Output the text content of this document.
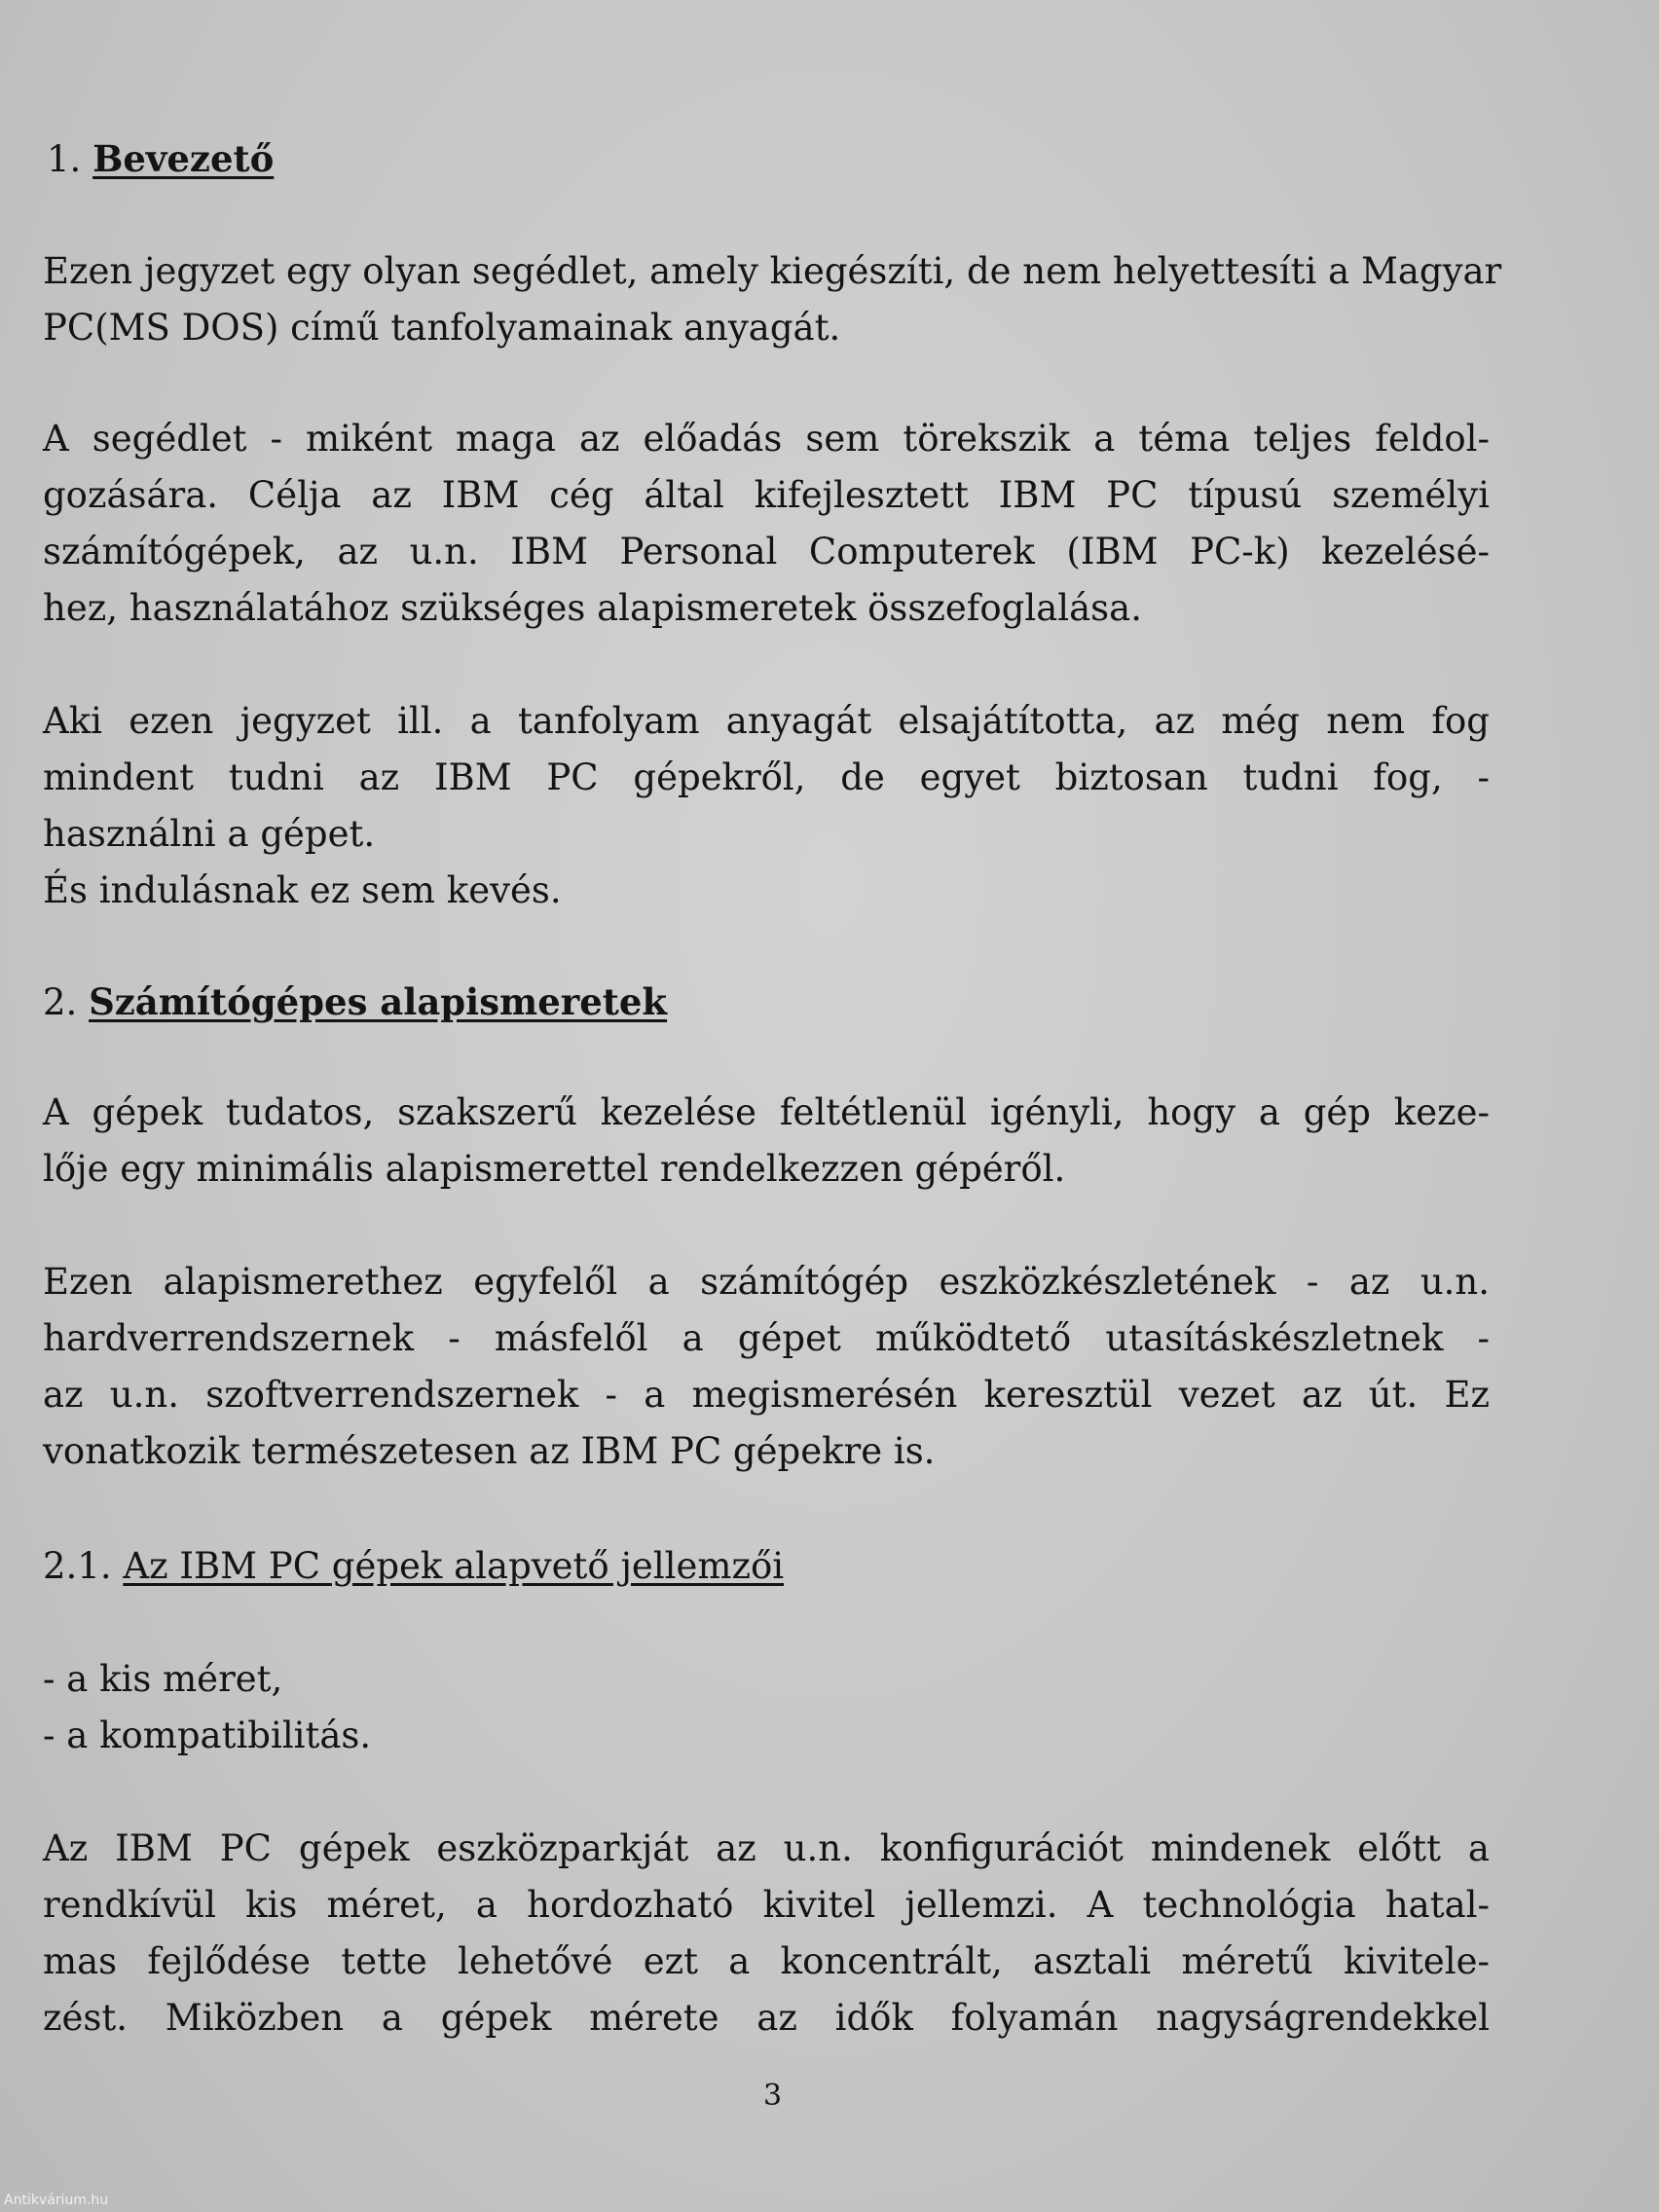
1. Bevezető
Ezen jegyzet egy olyan segédlet, amely kiegészíti, de nem helyettesíti a Magyar
PC(MS DOS) című tanfolyamainak anyagát.
A segédlet - miként maga az előadás sem törekszik a téma teljes feldol-
gozására. Célja az IBM cég által kifejlesztett IBM PC típusú személyi
számítógépek, az u.n. IBM Personal Computerek (IBM PC-k) kezelésé-
hez, használatához szükséges alapismeretek összefoglalása.
Aki ezen jegyzet ill. a tanfolyam anyagát elsajátította, az még nem fog
mindent tudni az IBM PC gépekről, de egyet biztosan tudni fog, -
használni a gépet.
És indulásnak ez sem kevés.
2. Számítógépes alapismeretek
A gépek tudatos, szakszerű kezelése feltétlenül igényli, hogy a gép keze-
lője egy minimális alapismerettel rendelkezzen gépéről.
Ezen alapismerethez egyfelől a számítógép eszközkészletének - az u.n.
hardverrendszernek - másfelől a gépet működtető utasításkészletnek -
az u.n. szoftverrendszernek - a megismerésén keresztül vezet az út. Ez
vonatkozik természetesen az IBM PC gépekre is.
2.1. Az IBM PC gépek alapvető jellemzői
- a kis méret,
- a kompatibilitás.
Az IBM PC gépek eszközparkját az u.n. konfigurációt mindenek előtt a
rendkívül kis méret, a hordozható kivitel jellemzi. A technológia hatal-
mas fejlődése tette lehetővé ezt a koncentrált, asztali méretű kivitele-
zést. Miközben a gépek mérete az idők folyamán nagyságrendekkel
3
Antikvárium.hu
